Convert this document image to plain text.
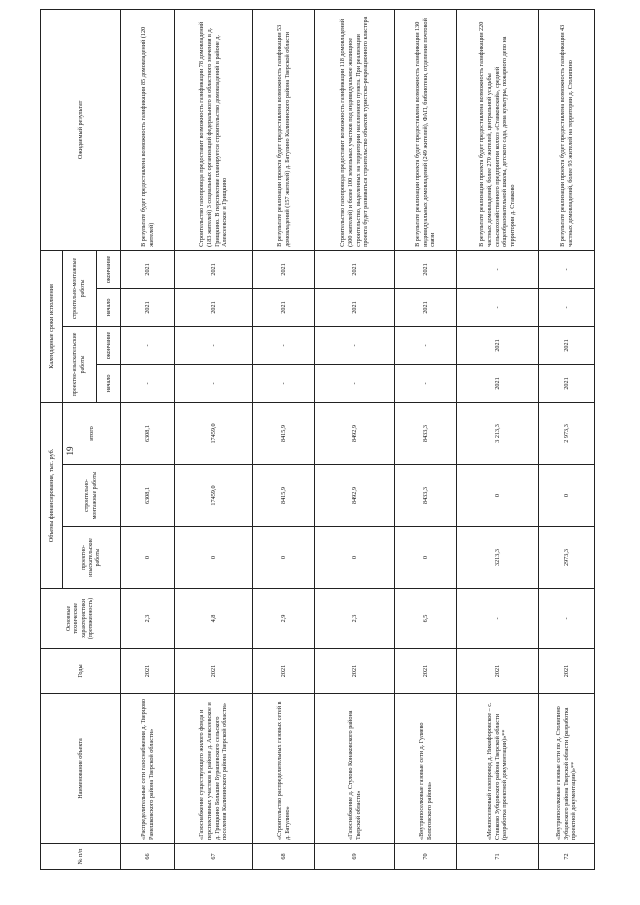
19
№ п/п	Наименование объекта	Годы	Основные технические характеристики (протяженность)	Объемы финансирования, тыс. руб.			Календарные сроки исполнения				Ожидаемый результат
				проектно-изыскательские работы	строительно-монтажные работы	итого	проектно-изыскательские работы		строительно-монтажные работы		
							начало	окончание	начало	окончание	
66	«Распределительные сети газоснабжения д. Тверцово Рамешковского района Тверской области»	2021	2,3	0	6308,1	6308,1	-	-	2021	2021	В результате будет предоставлена возможность газификации 85 домовладений (120 жителей)
67	«Газоснабжение существующего жилого фонда и перспективных участков в районе д. Алексеевское и д. Грищкино Большие Бурашевского сельского поселения Калининского района Тверской области»	2021	4,8	0	17459,0	17459,0	-	-	2021	2021	Строительство газопровода предоставит возможность газификации 78 домовладений (183 жителей) 3 социальных организаций федерального и областного значения в д. Грищкино. В перспективе планируется строительство домовладений в районе д. Алексеевское и Грищкино
68	«Строительство распределительных газовых сетей в д. Батулино»	2021	2,9	0	8415,9	8415,9	-	-	2021	2021	В результате реализации проекта будет предоставлена возможность газификации 53 домовладений (157 жителей) д. Батулино Калининского района Тверской области
69	«Газоснабжение д. Стулово Конаковского района Тверской области»	2021	2,3	0	8492,9	8492,9	-	-	2021	2021	Строительство газопровода предоставит возможность газификации 118 домовладений (300 жителей) и более 100 земельных участков под индивидуальное жилищное строительство, выделенных на территории населенного пункта. При реализации проекта будет развиваться строительство объектов туристско-рекреационного кластера
70	«Внутрипоселковые газовые сети д. Гуляево Бологовского района»	2021	6,5	0	8433,3	8433,3	-	-	2021	2021	В результате реализации проекта будет предоставлена возможность газификации 130 индивидуальных домовладений (249 жителей), ФАП, библиотеки, отделения почтовой связи
71	«Межпоселковый газопровод д. Никифоровское – с. Ставково Зубцовского района Тверской области (разработка проектной документации)»**	2021	-	3213,3	0	3 213,3	2021	2021	-	-	В результате реализации проекта будет предоставлена возможность газификации 220 частных домовладений, более 270 жителей, центральной усадьбы сельскохозяйственного предприятия колхоз «Ставковский», средней общеобразовательной школы, детского сада, дома культуры, пожарного депо на территории д. Ставково
72	«Внутрипоселковые газовые сети по д. Столипино Зубцовского района Тверской области (разработка проектной документации)»**	2021	-	2973,3	0	2 973,3	2021	2021	-	-	В результате реализации проекта будет предоставлена возможность газификации 43 частных домовладений, более 93 жителей на территории д. Столипино
